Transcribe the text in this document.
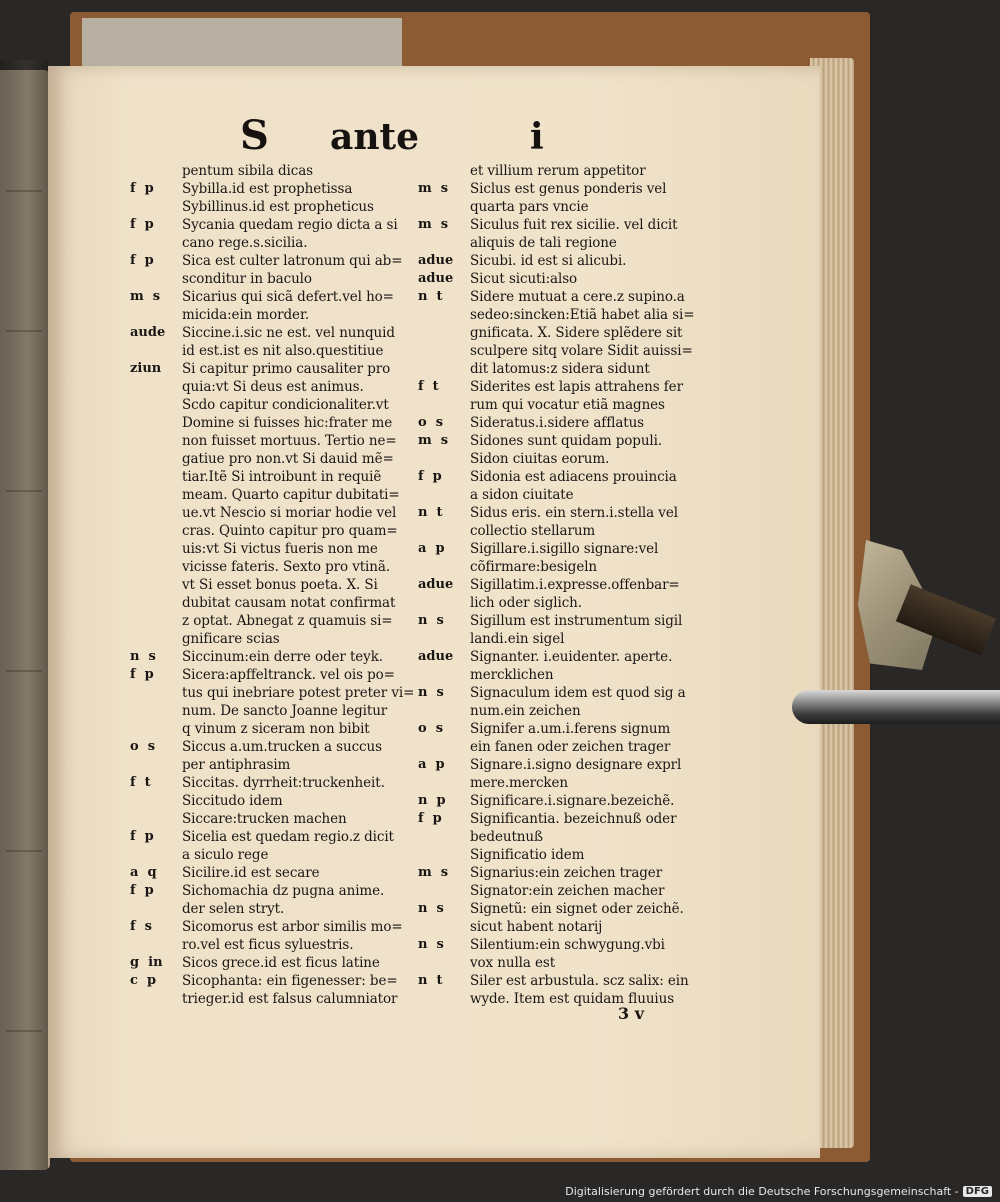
S	ante	i
pentum sibila dicas
f  p	Sybilla.id est prophetissa
Sybillinus.id est propheticus
f  p	Sycania quedam regio dicta a si
cano rege.s.sicilia.
f  p	Sica est culter latronum qui ab=
sconditur in baculo
m  s	Sicarius qui sicã defert.vel ho=
micida:ein morder.
aude	Siccine.i.sic ne est. vel nunquid
id est.ist es nit also.questitiue
ziun	Si capitur primo causaliter pro
quia:vt Si deus est animus.
Scdo capitur condicionaliter.vt
Domine si fuisses hic:frater me
non fuisset mortuus. Tertio ne=
gatiue pro non.vt Si dauid mẽ=
tiar.Itẽ Si introibunt in requiẽ
meam. Quarto capitur dubitati=
ue.vt Nescio si moriar hodie vel
cras. Quinto capitur pro quam=
uis:vt Si victus fueris non me
vicisse fateris. Sexto pro vtinã.
vt Si esset bonus poeta. X. Si
dubitat causam notat confirmat
z optat. Abnegat z quamuis si=
gnificare scias
n  s	Siccinum:ein derre oder teyk.
f  p	Sicera:apffeltranck. vel ois po=
tus qui inebriare potest preter vi=
num. De sancto Joanne legitur
q vinum z siceram non bibit
o  s	Siccus a.um.trucken a succus
per antiphrasim
f  t	Siccitas. dyrrheit:truckenheit.
Siccitudo idem
Siccare:trucken machen
f  p	Sicelia est quedam regio.z dicit
a siculo rege
a  q	Sicilire.id est secare
f  p	Sichomachia dz pugna anime.
der selen stryt.
f  s	Sicomorus est arbor similis mo=
ro.vel est ficus syluestris.
g  in	Sicos grece.id est ficus latine
c  p	Sicophanta: ein figenesser: be=
trieger.id est falsus calumniator
et villium rerum appetitor
m  s	Siclus est genus ponderis vel
quarta pars vncie
m  s	Siculus fuit rex sicilie. vel dicit
aliquis de tali regione
adue	Sicubi. id est si alicubi.
adue	Sicut sicuti:also
n  t	Sidere mutuat a cere.z supino.a
sedeo:sincken:Etiã habet alia si=
gnificata. X. Sidere splẽdere sit
sculpere sitq volare Sidit auissi=
dit latomus:z sidera sidunt
f  t	Siderites est lapis attrahens fer
rum qui vocatur etiã magnes
o  s	Sideratus.i.sidere afflatus
m  s	Sidones sunt quidam populi.
Sidon ciuitas eorum.
f  p	Sidonia est adiacens prouincia
a sidon ciuitate
n  t	Sidus eris. ein stern.i.stella vel
collectio stellarum
a  p	Sigillare.i.sigillo signare:vel
cõfirmare:besigeln
adue	Sigillatim.i.expresse.offenbar=
lich oder siglich.
n  s	Sigillum est instrumentum sigil
landi.ein sigel
adue	Signanter. i.euidenter. aperte.
mercklichen
n  s	Signaculum idem est quod sig a
num.ein zeichen
o  s	Signifer a.um.i.ferens signum
ein fanen oder zeichen trager
a  p	Signare.i.signo designare exprl
mere.mercken
n  p	Significare.i.signare.bezeichẽ.
f  p	Significantia. bezeichnuß oder
bedeutnuß
Significatio idem
m  s	Signarius:ein zeichen trager
Signator:ein zeichen macher
n  s	Signetũ: ein signet oder zeichẽ.
sicut habent notarij
n  s	Silentium:ein schwygung.vbi
vox nulla est
n  t	Siler est arbustula. scz salix: ein
wyde. Item est quidam fluuius
3 v
Digitalisierung gefördert durch die Deutsche Forschungsgemeinschaft - DFG
